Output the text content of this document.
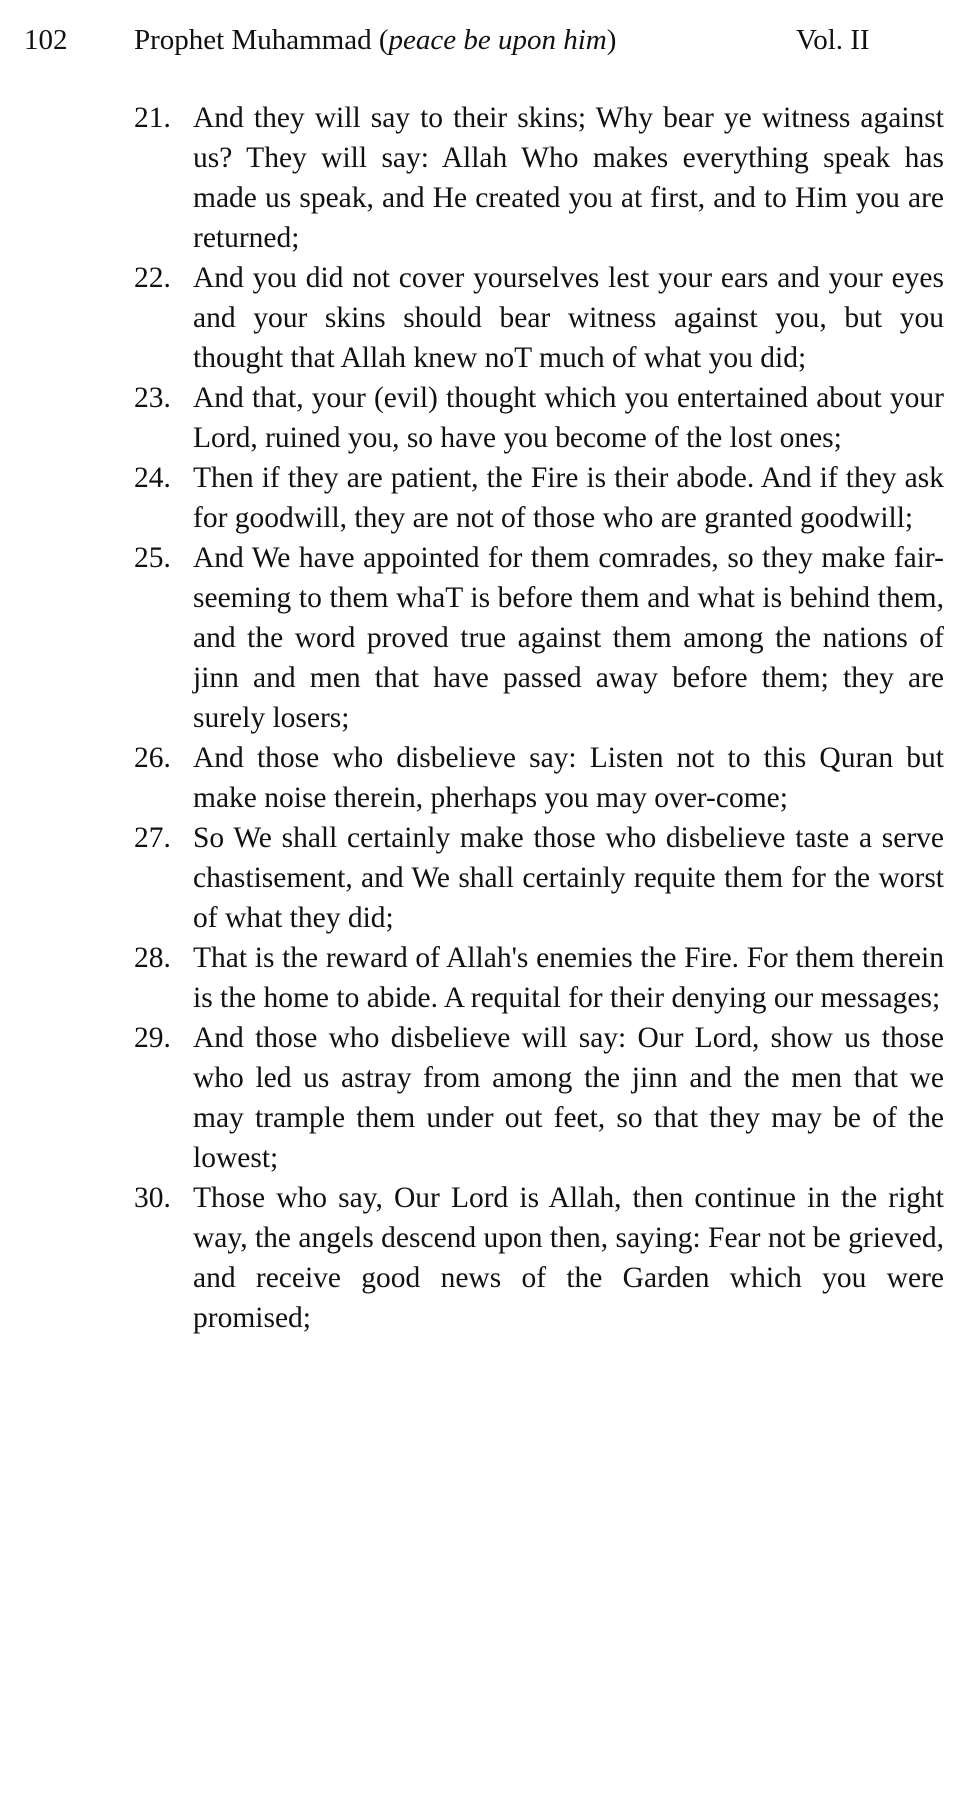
102 Prophet Muhammad (peace be upon him)	Vol. II
21. And they will say to their skins; Why bear ye witness against us? They will say: Allah Who makes everything speak has made us speak, and He created you at first, and to Him you are returned;
22. And you did not cover yourselves lest your ears and your eyes and your skins should bear witness against you, but you thought that Allah knew noT much of what you did;
23. And that, your (evil) thought which you entertained about your Lord, ruined you, so have you become of the lost ones;
24. Then if they are patient, the Fire is their abode. And if they ask for goodwill, they are not of those who are granted goodwill;
25. And We have appointed for them comrades, so they make fair-seeming to them whaT is before them and what is behind them, and the word proved true against them among the nations of jinn and men that have passed away before them; they are surely losers;
26. And those who disbelieve say: Listen not to this Quran but make noise therein, pherhaps you may over-come;
27. So We shall certainly make those who disbelieve taste a serve chastisement, and We shall certainly requite them for the worst of what they did;
28. That is the reward of Allah's enemies the Fire. For them therein is the home to abide. A requital for their denying our messages;
29. And those who disbelieve will say: Our Lord, show us those who led us astray from among the jinn and the men that we may trample them under out feet, so that they may be of the lowest;
30. Those who say, Our Lord is Allah, then continue in the right way, the angels descend upon then, saying: Fear not be grieved, and receive good news of the Garden which you were promised;
